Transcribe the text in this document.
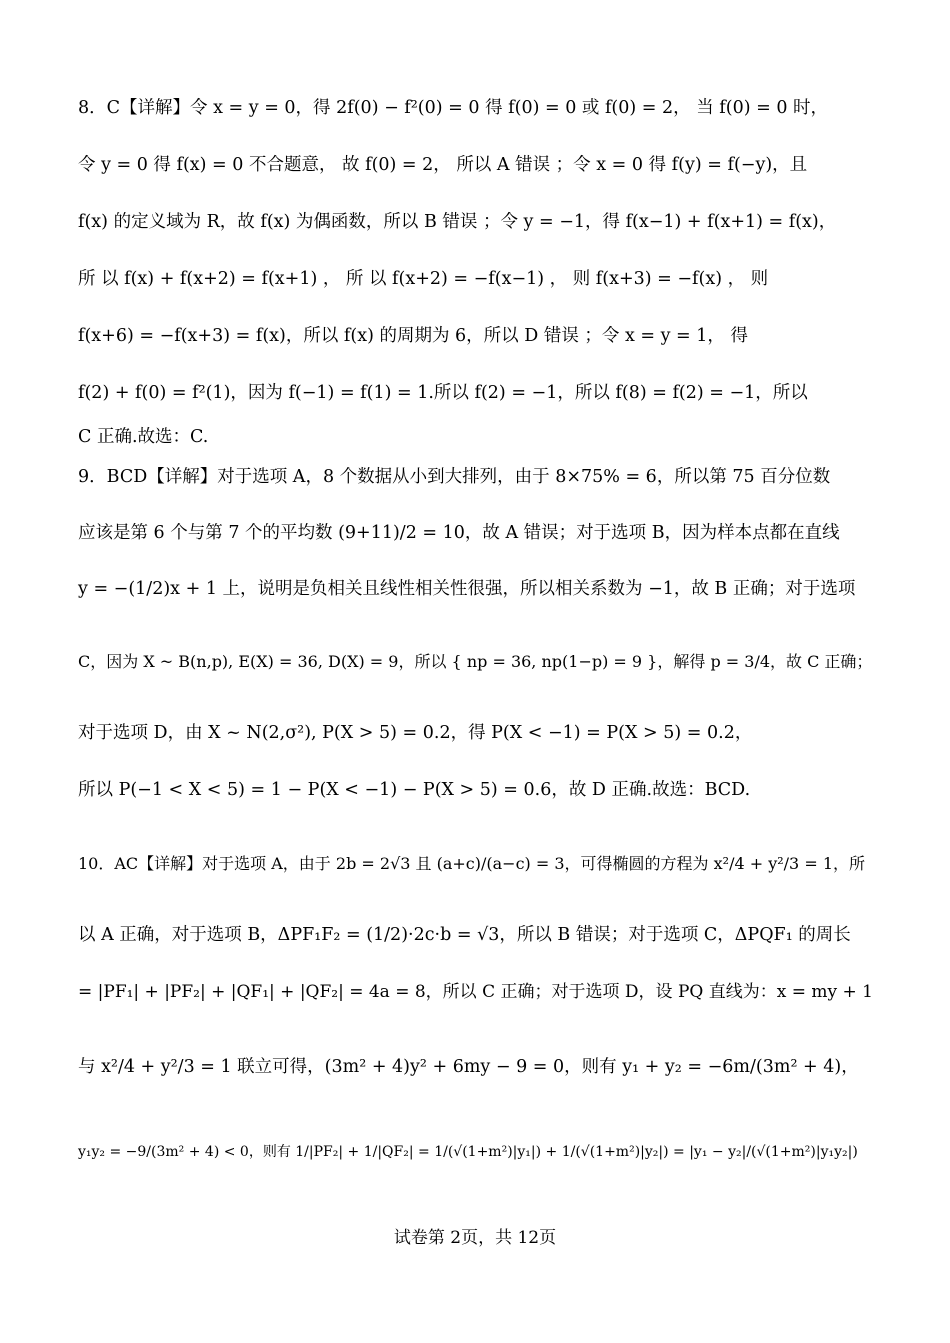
8．C【详解】令 x = y = 0，得 2f(0) − f²(0) = 0 得 f(0) = 0 或 f(0) = 2， 当 f(0) = 0 时，
令 y = 0 得 f(x) = 0 不合题意， 故 f(0) = 2， 所以 A 错误 ；令 x = 0 得 f(y) = f(−y)，且
f(x) 的定义域为 R，故 f(x) 为偶函数，所以 B 错误 ；令 y = −1，得 f(x−1) + f(x+1) = f(x)，
所 以 f(x) + f(x+2) = f(x+1) ， 所 以 f(x+2) = −f(x−1) ， 则 f(x+3) = −f(x) ， 则
f(x+6) = −f(x+3) = f(x)，所以 f(x) 的周期为 6，所以 D 错误 ；令 x = y = 1， 得
f(2) + f(0) = f²(1)，因为 f(−1) = f(1) = 1.所以 f(2) = −1，所以 f(8) = f(2) = −1，所以
C 正确.故选：C.
9．BCD【详解】对于选项 A，8 个数据从小到大排列，由于 8×75% = 6，所以第 75 百分位数
应该是第 6 个与第 7 个的平均数 (9+11)/2 = 10，故 A 错误；对于选项 B，因为样本点都在直线
y = −(1/2)x + 1 上，说明是负相关且线性相关性很强，所以相关系数为 −1，故 B 正确；对于选项
C，因为 X ~ B(n,p), E(X) = 36, D(X) = 9，所以 { np = 36, np(1−p) = 9 }，解得 p = 3/4，故 C 正确；
对于选项 D，由 X ~ N(2,σ²), P(X > 5) = 0.2，得 P(X < −1) = P(X > 5) = 0.2，
所以 P(−1 < X < 5) = 1 − P(X < −1) − P(X > 5) = 0.6，故 D 正确.故选：BCD.
10．AC【详解】对于选项 A，由于 2b = 2√3 且 (a+c)/(a−c) = 3，可得椭圆的方程为 x²/4 + y²/3 = 1，所
以 A 正确，对于选项 B，ΔPF₁F₂ = (1/2)·2c·b = √3，所以 B 错误；对于选项 C，ΔPQF₁ 的周长
= |PF₁| + |PF₂| + |QF₁| + |QF₂| = 4a = 8，所以 C 正确；对于选项 D，设 PQ 直线为：x = my + 1
与 x²/4 + y²/3 = 1 联立可得，(3m² + 4)y² + 6my − 9 = 0，则有 y₁ + y₂ = −6m/(3m² + 4)，
y₁y₂ = −9/(3m² + 4) < 0，则有 1/|PF₂| + 1/|QF₂| = 1/(√(1+m²)|y₁|) + 1/(√(1+m²)|y₂|) = |y₁ − y₂|/(√(1+m²)|y₁y₂|)
试卷第 2页，共 12页
